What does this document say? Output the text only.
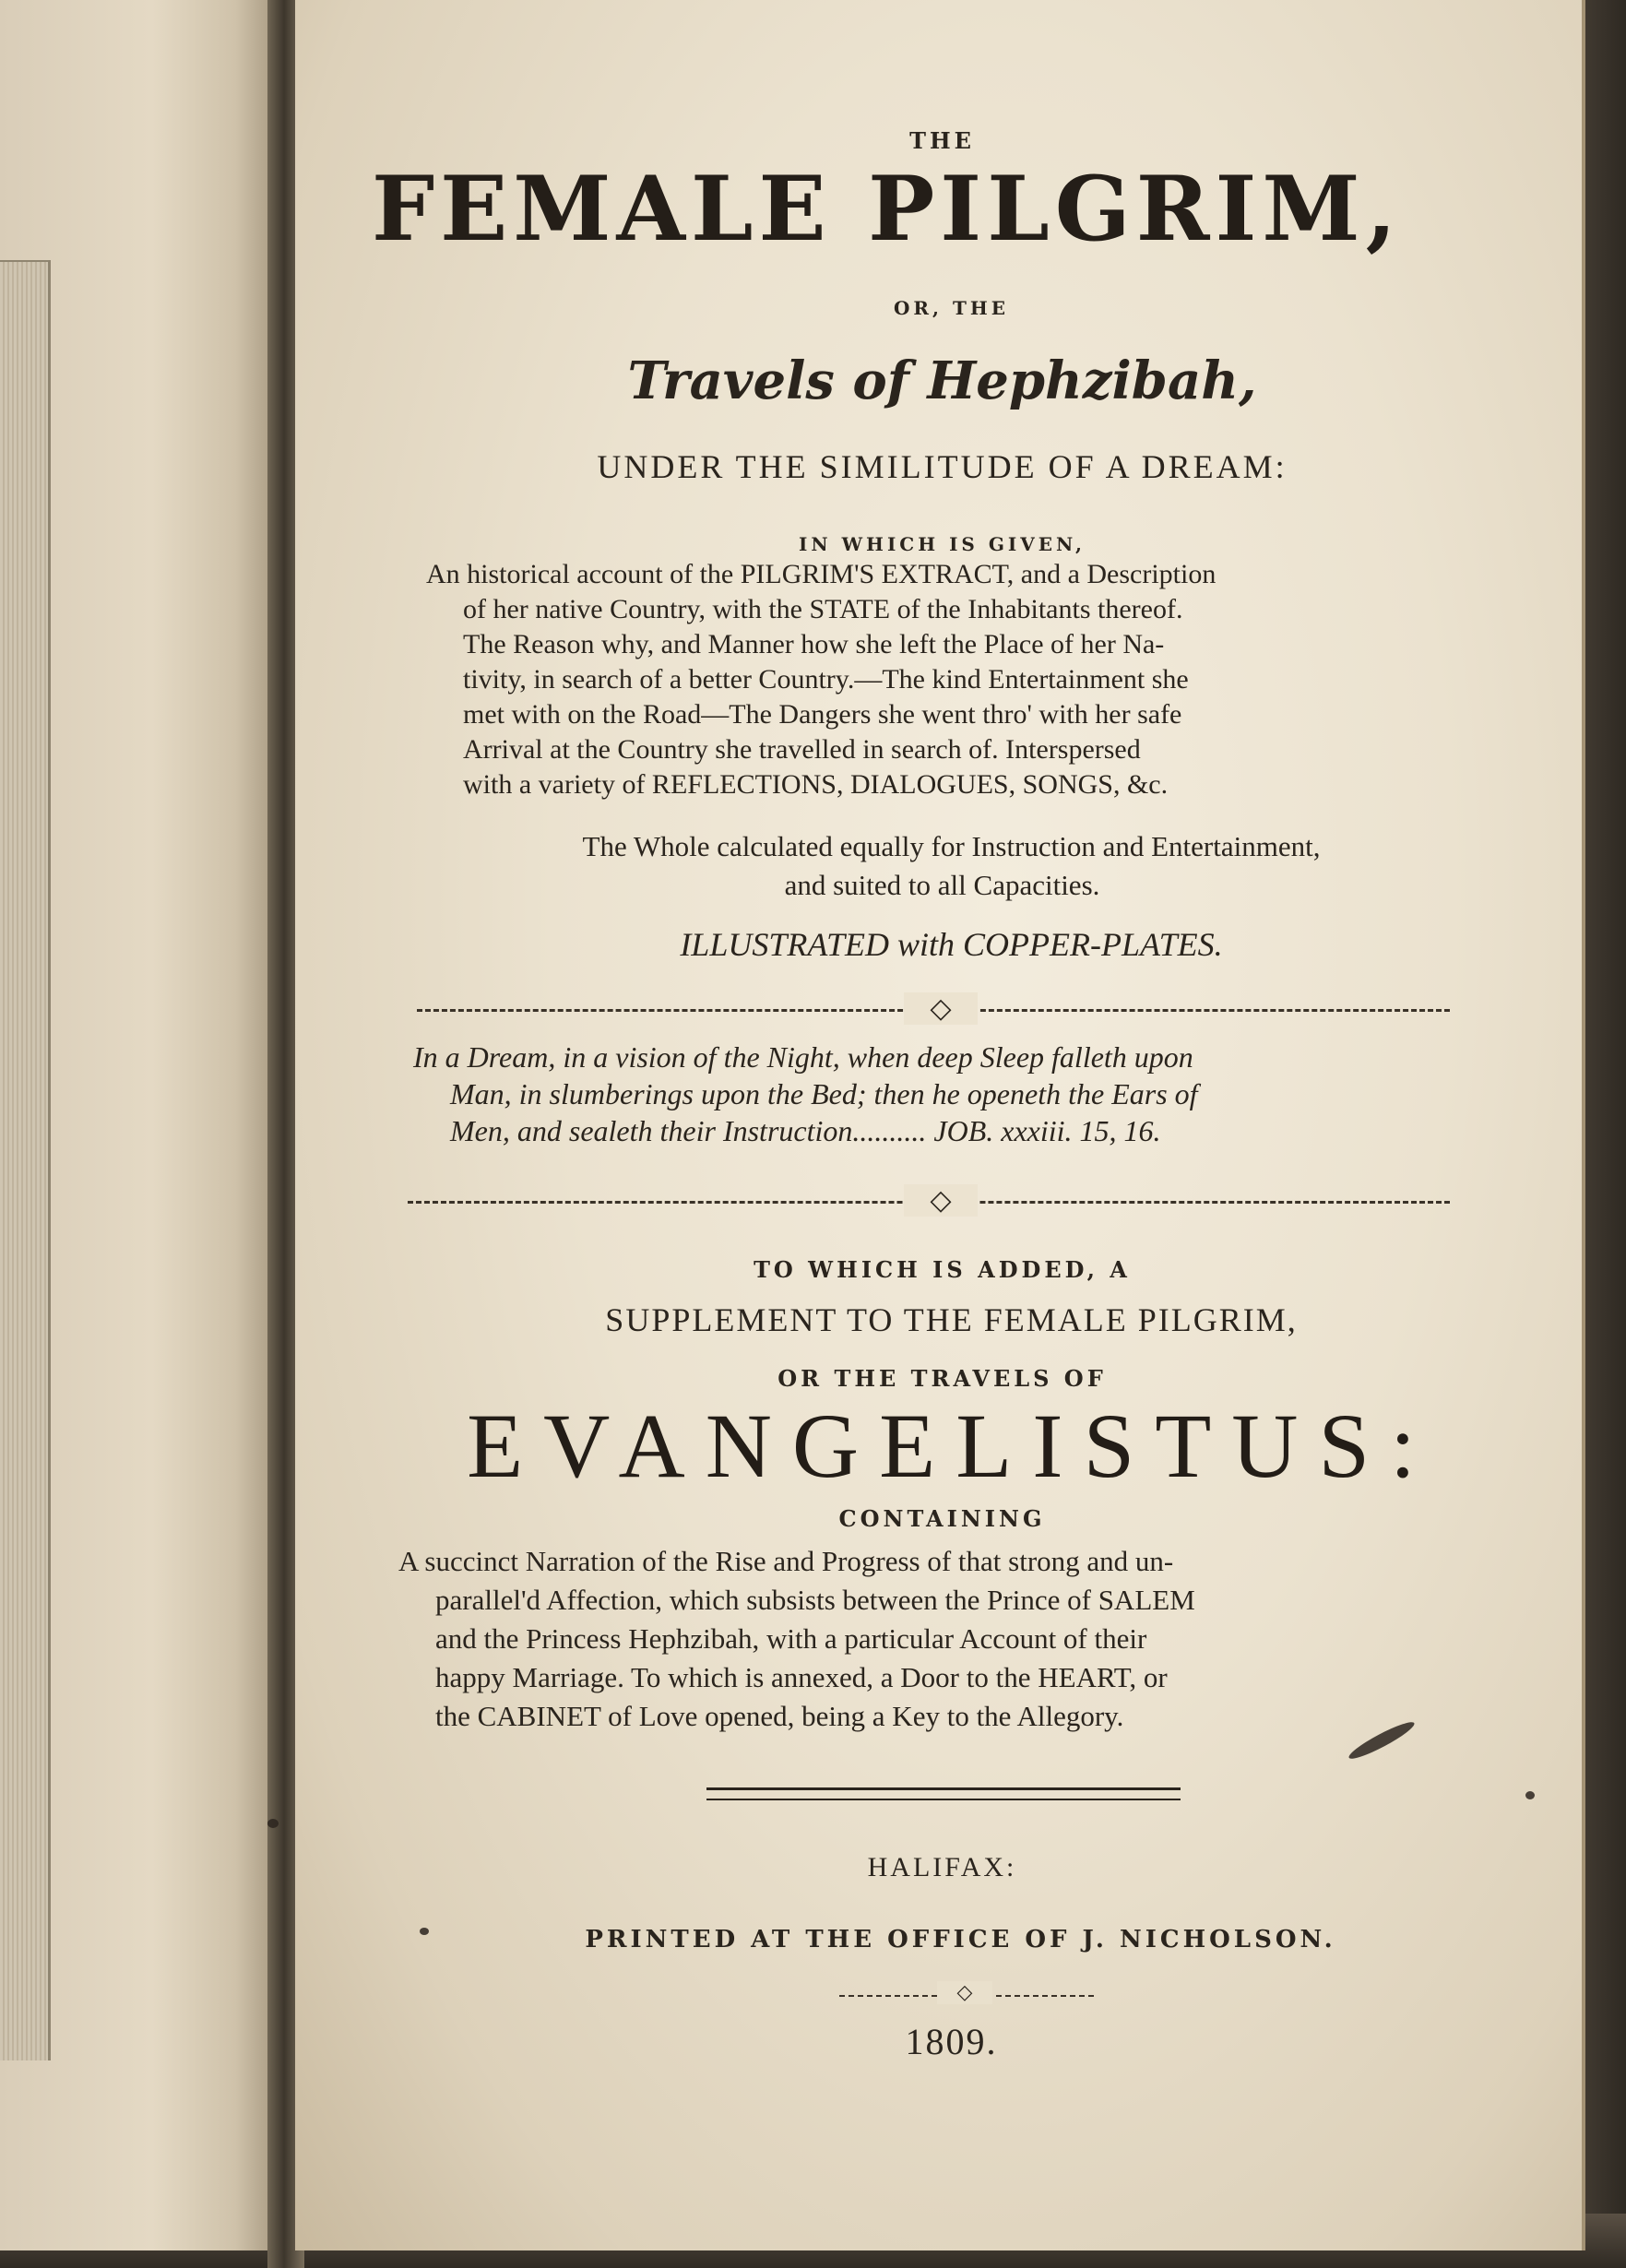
THE
FEMALE PILGRIM,
OR, THE
Travels of Hephzibah,
UNDER THE SIMILITUDE OF A DREAM:
IN WHICH IS GIVEN,
An historical account of the PILGRIM'S EXTRACT, and a Description
of her native Country, with the STATE of the Inhabitants thereof.
The Reason why, and Manner how she left the Place of her Na-
tivity, in search of a better Country.—The kind Entertainment she
met with on the Road—The Dangers she went thro' with her safe
Arrival at the Country she travelled in search of. Interspersed
with a variety of REFLECTIONS, DIALOGUES, SONGS, &c.
The Whole calculated equally for Instruction and Entertainment,
and suited to all Capacities.
ILLUSTRATED with COPPER-PLATES.
◇
In a Dream, in a vision of the Night, when deep Sleep falleth upon
Man, in slumberings upon the Bed; then he openeth the Ears of
Men, and sealeth their Instruction.......... JOB. xxxiii. 15, 16.
◇
TO WHICH IS ADDED, A
SUPPLEMENT TO THE FEMALE PILGRIM,
OR THE TRAVELS OF
EVANGELISTUS:
CONTAINING
A succinct Narration of the Rise and Progress of that strong and un-
parallel'd Affection, which subsists between the Prince of SALEM
and the Princess Hephzibah, with a particular Account of their
happy Marriage. To which is annexed, a Door to the HEART, or
the CABINET of Love opened, being a Key to the Allegory.
HALIFAX:
PRINTED AT THE OFFICE OF J. NICHOLSON.
◇
1809.
